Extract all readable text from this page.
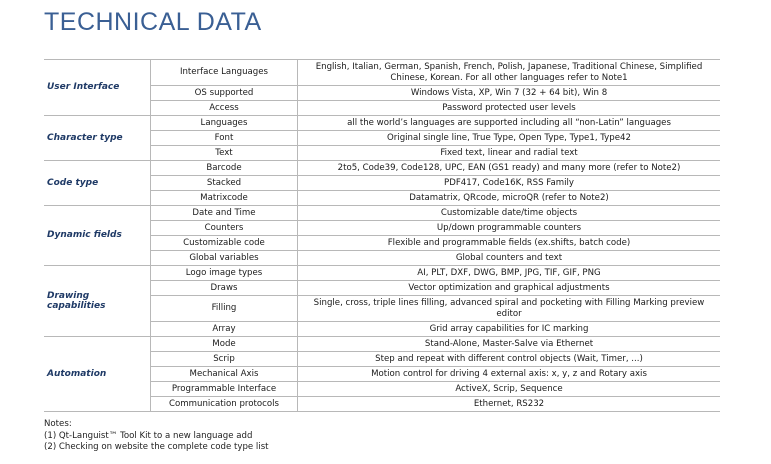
TECHNICAL DATA
User Interface	Interface Languages	English, Italian, German, Spanish, French, Polish, Japanese, Traditional Chinese, Simplified Chinese, Korean. For all other languages refer to Note1
	OS supported	Windows Vista, XP, Win 7 (32 + 64 bit), Win 8
	Access	Password protected user levels
Character type	Languages	all the world’s languages are supported including all “non-Latin” languages
	Font	Original single line, True Type, Open Type, Type1, Type42
	Text	Fixed text, linear and radial text
Code type	Barcode	2to5, Code39, Code128, UPC, EAN (GS1 ready) and many more (refer to Note2)
	Stacked	PDF417, Code16K, RSS Family
	Matrixcode	Datamatrix, QRcode, microQR (refer to Note2)
Dynamic fields	Date and Time	Customizable date/time objects
	Counters	Up/down programmable counters
	Customizable code	Flexible and programmable fields (ex.shifts, batch code)
	Global variables	Global counters and text
Drawing capabilities	Logo image types	AI, PLT, DXF, DWG, BMP, JPG, TIF, GIF, PNG
	Draws	Vector optimization and graphical adjustments
	Filling	Single, cross, triple lines filling, advanced spiral and pocketing with Filling Marking preview editor
	Array	Grid array capabilities for IC marking
Automation	Mode	Stand-Alone, Master-Salve via Ethernet
	Scrip	Step and repeat with different control objects (Wait, Timer, ...)
	Mechanical Axis	Motion control for driving 4 external axis: x, y, z and Rotary axis
	Programmable Interface	ActiveX, Scrip, Sequence
	Communication protocols	Ethernet, RS232
Notes:
(1) Qt-Languist™ Tool Kit to a new language add
(2) Checking on website the complete code type list
